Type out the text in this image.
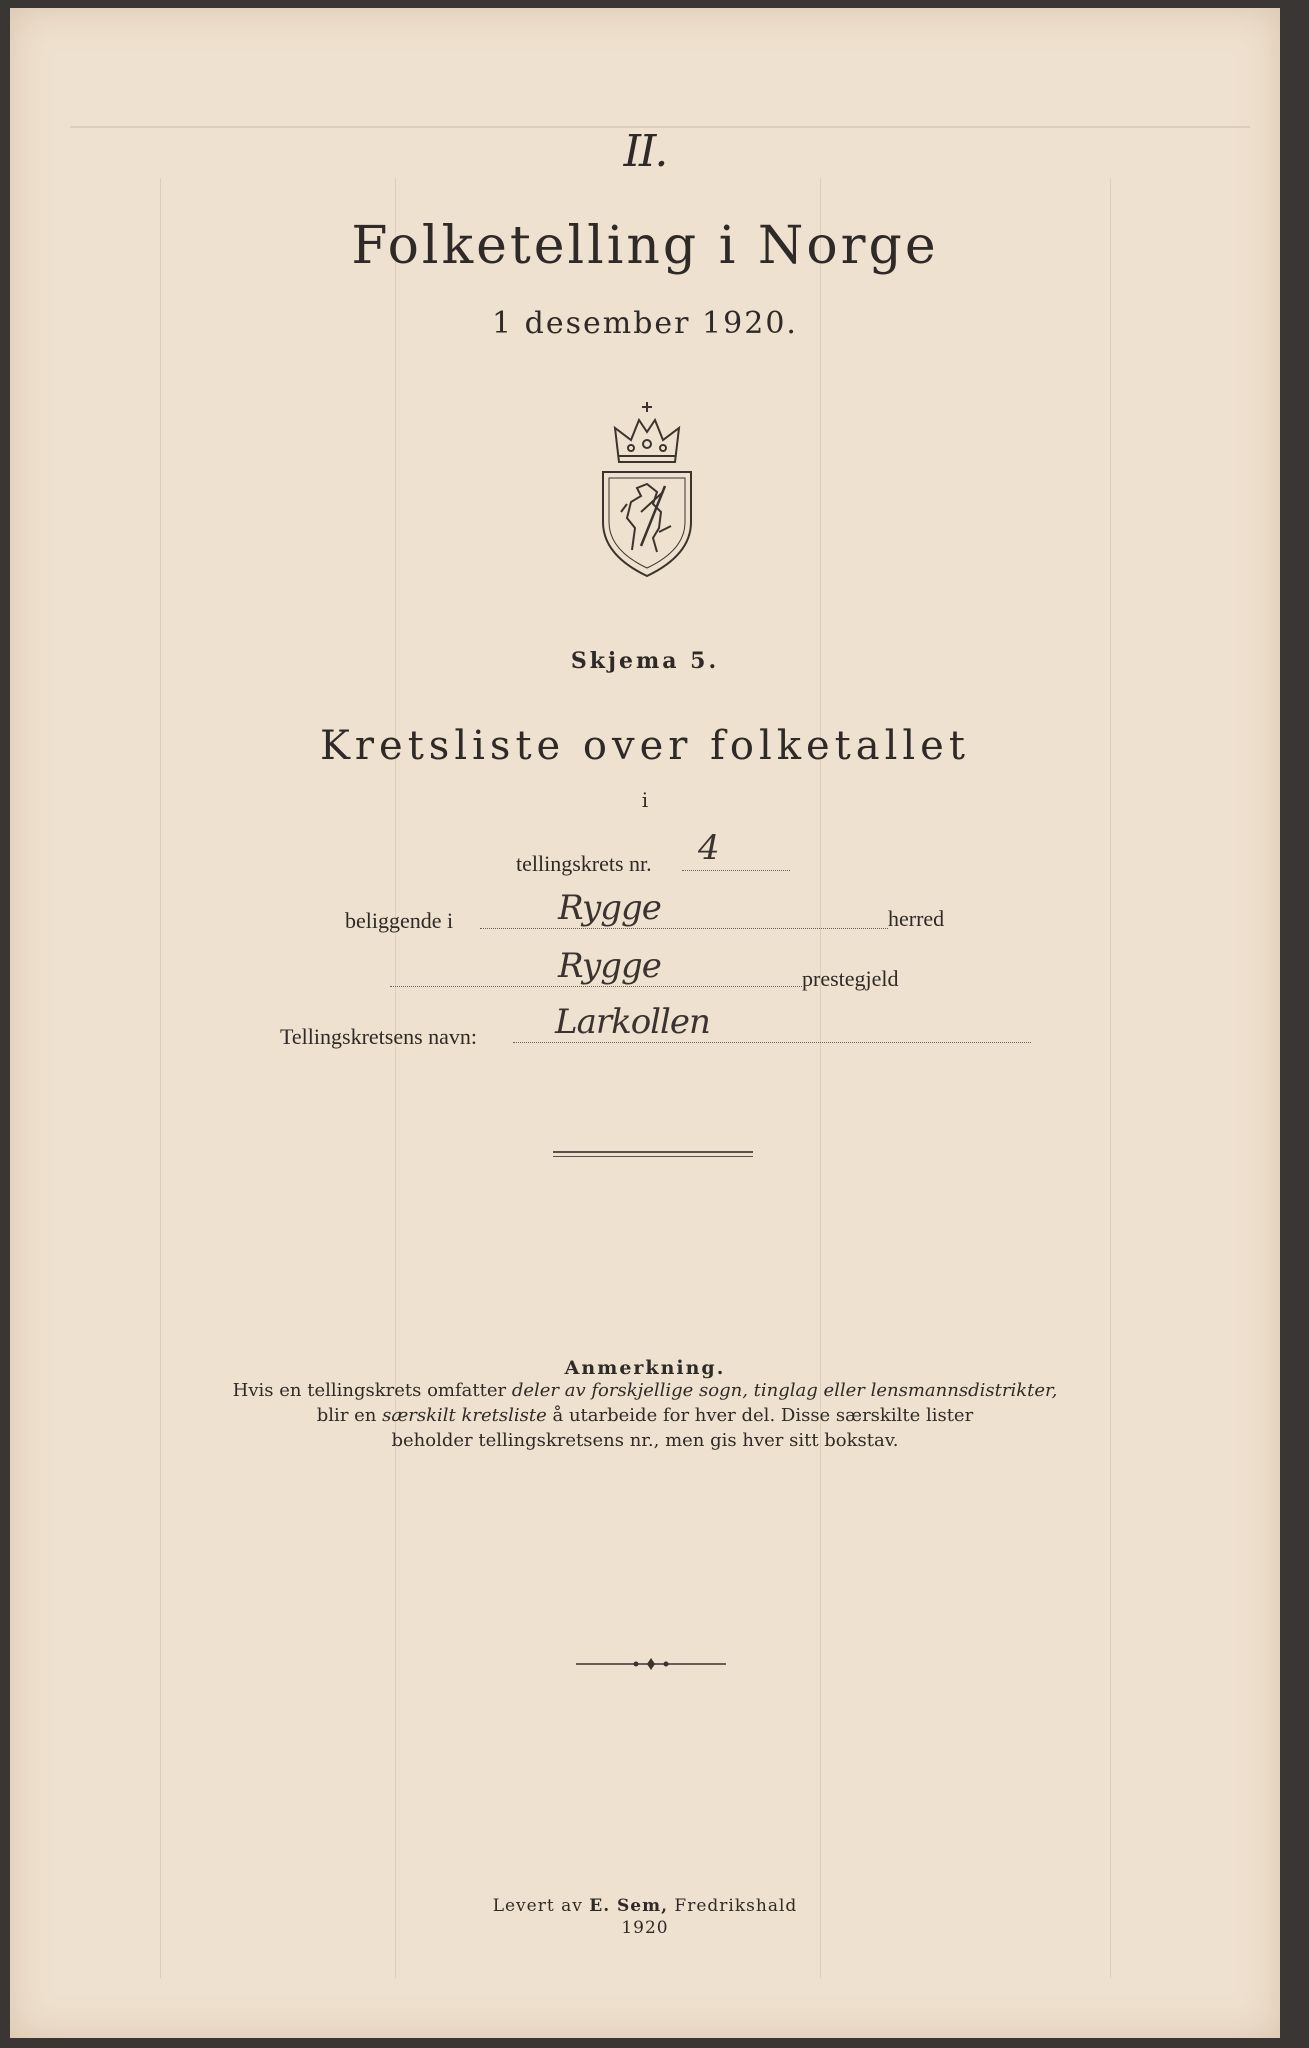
II.
Folketelling i Norge
1 desember 1920.
Skjema 5.
Kretsliste over folketallet
i
tellingskrets nr. 4
beliggende i	Rygge	herred
Rygge	prestegjeld
Tellingskretsens navn: Larkollen
Anmerkning.
Hvis en tellingskrets omfatter deler av forskjellige sogn, tinglag eller lensmannsdistrikter,
blir en særskilt kretsliste å utarbeide for hver del. Disse særskilte lister
beholder tellingskretsens nr., men gis hver sitt bokstav.
Levert av E. Sem, Fredrikshald
1920
